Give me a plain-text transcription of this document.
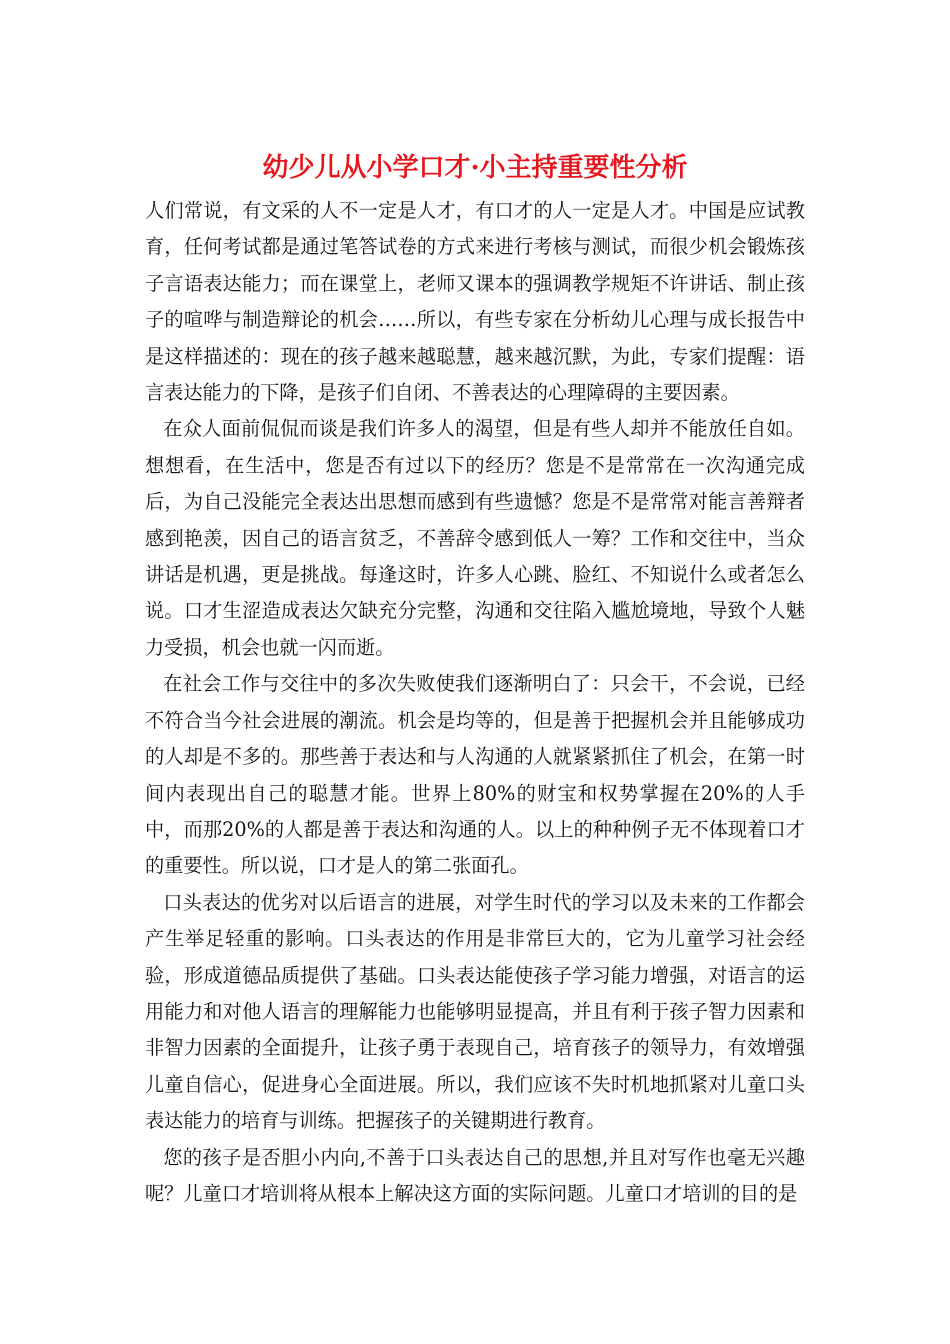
幼少儿从小学口才·小主持重要性分析

人们常说，有文采的人不一定是人才，有口才的人一定是人才。中国是应试教育，任何考试都是通过笔答试卷的方式来进行考核与测试，而很少机会锻炼孩子言语表达能力；而在课堂上，老师又课本的强调教学规矩不许讲话、制止孩子的喧哗与制造辩论的机会……所以，有些专家在分析幼儿心理与成长报告中是这样描述的：现在的孩子越来越聪慧，越来越沉默，为此，专家们提醒：语言表达能力的下降，是孩子们自闭、不善表达的心理障碍的主要因素。

在众人面前侃侃而谈是我们许多人的渴望，但是有些人却并不能放任自如。想想看，在生活中，您是否有过以下的经历？您是不是常常在一次沟通完成后，为自己没能完全表达出思想而感到有些遗憾？您是不是常常对能言善辩者感到艳羡，因自己的语言贫乏，不善辞令感到低人一筹？工作和交往中，当众讲话是机遇，更是挑战。每逢这时，许多人心跳、脸红、不知说什么或者怎么说。口才生涩造成表达欠缺充分完整，沟通和交往陷入尴尬境地，导致个人魅力受损，机会也就一闪而逝。

在社会工作与交往中的多次失败使我们逐渐明白了：只会干，不会说，已经不符合当今社会进展的潮流。机会是均等的，但是善于把握机会并且能够成功的人却是不多的。那些善于表达和与人沟通的人就紧紧抓住了机会，在第一时间内表现出自己的聪慧才能。世界上80%的财宝和权势掌握在20%的人手中，而那20%的人都是善于表达和沟通的人。以上的种种例子无不体现着口才的重要性。所以说，口才是人的第二张面孔。

口头表达的优劣对以后语言的进展，对学生时代的学习以及未来的工作都会产生举足轻重的影响。口头表达的作用是非常巨大的，它为儿童学习社会经验，形成道德品质提供了基础。口头表达能使孩子学习能力增强，对语言的运用能力和对他人语言的理解能力也能够明显提高，并且有利于孩子智力因素和非智力因素的全面提升，让孩子勇于表现自己，培育孩子的领导力，有效增强儿童自信心，促进身心全面进展。所以，我们应该不失时机地抓紧对儿童口头表达能力的培育与训练。把握孩子的关键期进行教育。

您的孩子是否胆小内向,不善于口头表达自己的思想,并且对写作也毫无兴趣呢？儿童口才培训将从根本上解决这方面的实际问题。儿童口才培训的目的是
